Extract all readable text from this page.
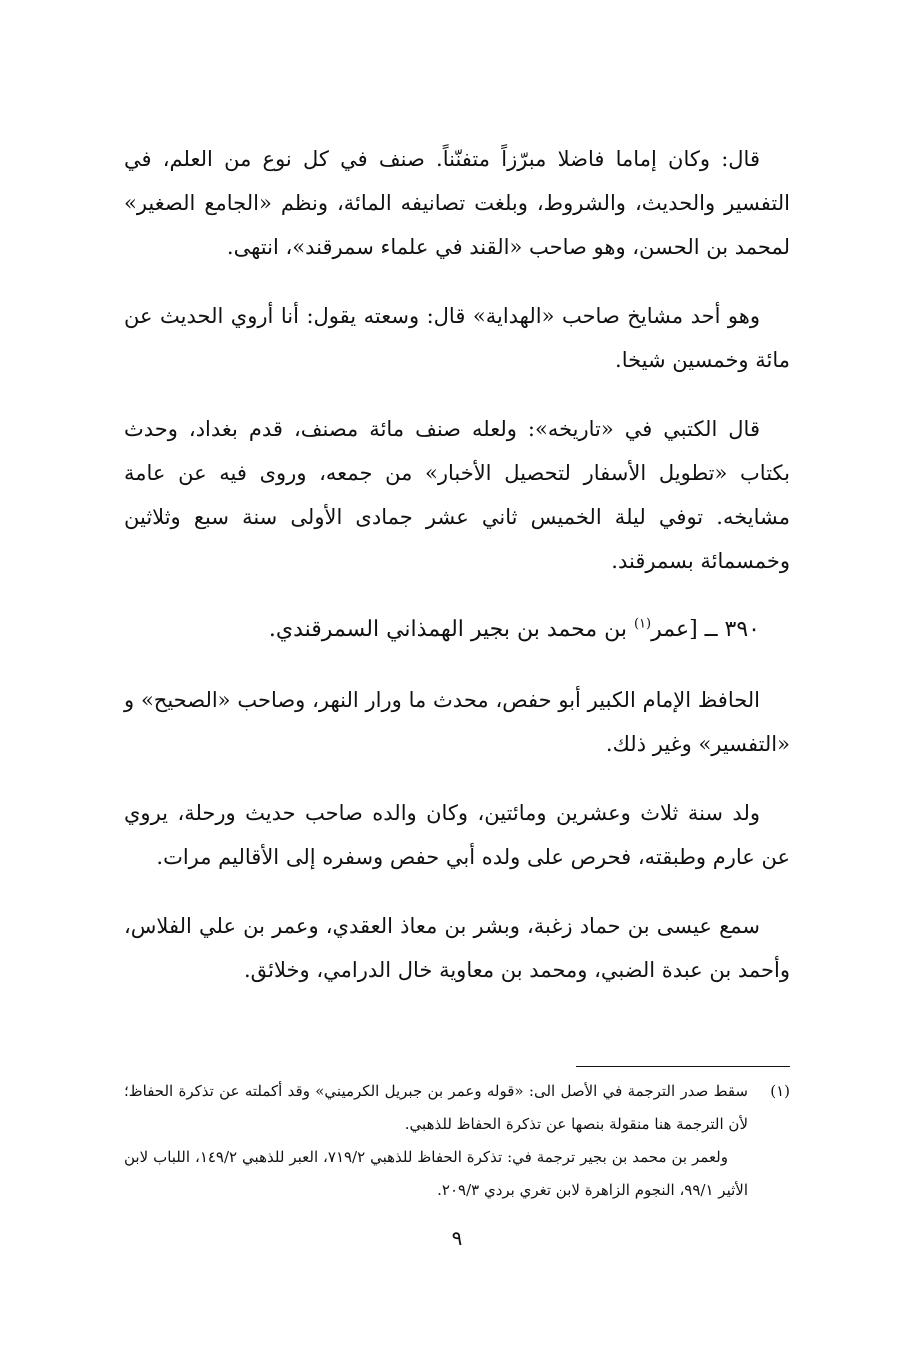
قال: وكان إماما فاضلا مبرّزاً متفنّناً. صنف في كل نوع من العلم، في التفسير والحديث، والشروط، وبلغت تصانيفه المائة، ونظم «الجامع الصغير» لمحمد بن الحسن، وهو صاحب «القند في علماء سمرقند»، انتهى.

وهو أحد مشايخ صاحب «الهداية» قال: وسعته يقول: أنا أروي الحديث عن مائة وخمسين شيخا.

قال الكتبي في «تاريخه»: ولعله صنف مائة مصنف، قدم بغداد، وحدث بكتاب «تطويل الأسفار لتحصيل الأخبار» من جمعه، وروى فيه عن عامة مشايخه. توفي ليلة الخميس ثاني عشر جمادى الأولى سنة سبع وثلاثين وخمسمائة بسمرقند.

٣٩٠ ــ [عمر$^{(١)}$ بن محمد بن بجير الهمذاني السمرقندي.

الحافظ الإمام الكبير أبو حفص، محدث ما ورار النهر، وصاحب «الصحيح» و «التفسير» وغير ذلك.

ولد سنة ثلاث وعشرين ومائتين، وكان والده صاحب حديث ورحلة، يروي عن عارم وطبقته، فحرص على ولده أبي حفص وسفره إلى الأقاليم مرات.

سمع عيسى بن حماد زغبة، وبشر بن معاذ العقدي، وعمر بن علي الفلاس، وأحمد بن عبدة الضبي، ومحمد بن معاوية خال الدرامي، وخلائق.

(١)
سقط صدر الترجمة في الأصل الى: «قوله وعمر بن جبريل الكرميني» وقد أكملته عن تذكرة الحفاظ؛ لأن الترجمة هنا منقولة بنصها عن تذكرة الحفاظ للذهبي.

ولعمر بن محمد بن بجير ترجمة في: تذكرة الحفاظ للذهبي ٧١٩/٢، العبر للذهبي ١٤٩/٢، اللباب لابن الأثير ٩٩/١، النجوم الزاهرة لابن تغري بردي ٢٠٩/٣.

٩
